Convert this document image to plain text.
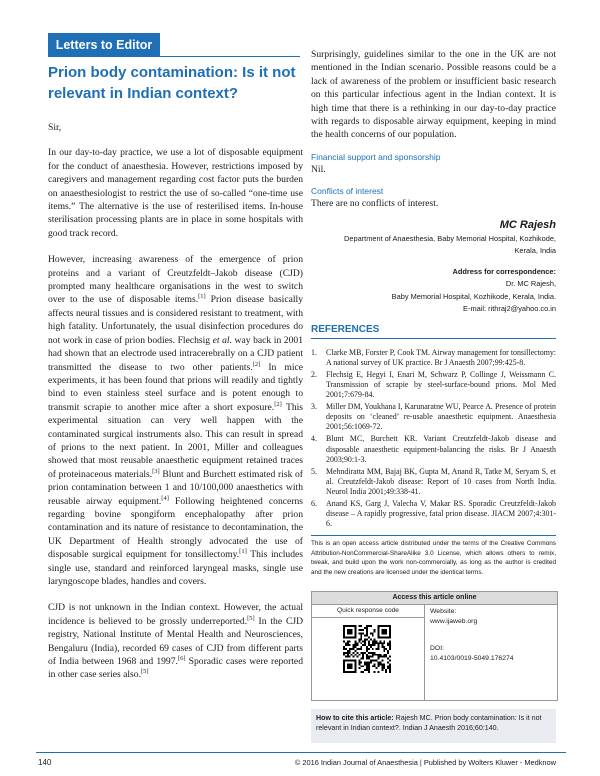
Letters to Editor
Prion body contamination: Is it not relevant in Indian context?

Sir,

In our day-to-day practice, we use a lot of disposable equipment for the conduct of anaesthesia. However, restrictions imposed by caregivers and management regarding cost factor puts the burden on anaesthesiologist to restrict the use of so-called “one-time use items.” The alternative is the use of resterilised items. In-house sterilisation processing plants are in place in some hospitals with good track record.

However, increasing awareness of the emergence of prion proteins and a variant of Creutzfeldt–Jakob disease (CJD) prompted many healthcare organisations in the west to switch over to the use of disposable items.[1] Prion disease basically affects neural tissues and is considered resistant to treatment, with high fatality. Unfortunately, the usual disinfection procedures do not work in case of prion bodies. Flechsig et al. way back in 2001 had shown that an electrode used intracerebrally on a CJD patient transmitted the disease to two other patients.[2] In mice experiments, it has been found that prions will readily and tightly bind to even stainless steel surface and is potent enough to transmit scrapie to another mice after a short exposure.[2] This experimental situation can very well happen with the contaminated surgical instruments also. This can result in spread of prions to the next patient. In 2001, Miller and colleagues showed that most reusable anaesthetic equipment retained traces of proteinaceous materials.[3] Blunt and Burchett estimated risk of prion contamination between 1 and 10/100,000 anaesthetics with reusable airway equipment.[4] Following heightened concerns regarding bovine spongiform encephalopathy after prion contamination and its nature of resistance to decontamination, the UK Department of Health strongly advocated the use of disposable surgical equipment for tonsillectomy.[1] This includes single use, standard and reinforced laryngeal masks, single use laryngoscope blades, handles and covers.

CJD is not unknown in the Indian context. However, the actual incidence is believed to be grossly underreported.[5] In the CJD registry, National Institute of Mental Health and Neurosciences, Bengaluru (India), recorded 69 cases of CJD from different parts of India between 1968 and 1997.[6] Sporadic cases were reported in other case series also.[5]

Surprisingly, guidelines similar to the one in the UK are not mentioned in the Indian scenario. Possible reasons could be a lack of awareness of the problem or insufficient basic research on this particular infectious agent in the Indian context. It is high time that there is a rethinking in our day-to-day practice with regards to disposable airway equipment, keeping in mind the health concerns of our population.

Financial support and sponsorship
Nil.
Conflicts of interest
There are no conflicts of interest.
MC Rajesh
Department of Anaesthesia, Baby Memorial Hospital, Kozhikode,
Kerala, India
Address for correspondence:
Dr. MC Rajesh,
Baby Memorial Hospital, Kozhikode, Kerala, India.
E-mail: rithraj2@yahoo.co.in
REFERENCES
1.	Clarke MB, Forster P, Cook TM. Airway management for tonsillectomy: A national survey of UK practice. Br J Anaesth 2007;99:425-8.
2.	Flechsig E, Hegyi I, Enari M, Schwarz P, Collinge J, Weissmann C. Transmission of scrapie by steel-surface-bound prions. Mol Med 2001;7:679-84.
3.	Miller DM, Youkhana I, Karunaratne WU, Pearce A. Presence of protein deposits on ‘cleaned’ re-usable anaesthetic equipment. Anaesthesia 2001;56:1069-72.
4.	Blunt MC, Burchett KR. Variant Creutzfeldt-Jakob disease and disposable anaesthetic equipment-balancing the risks. Br J Anaesth 2003;90:1-3.
5.	Mehndiratta MM, Bajaj BK, Gupta M, Anand R, Tatke M, Seryam S, et al. Creutzfeldt-Jakob disease: Report of 10 cases from North India. Neurol India 2001;49:338-41.
6.	Anand KS, Garg J, Valecha V, Makar RS. Sporadic Creutzfeldt-Jakob disease – A rapidly progressive, fatal prion disease. JIACM 2007;4:301-6.
This is an open access article distributed under the terms of the Creative Commons Attribution-NonCommercial-ShareAlike 3.0 License, which allows others to remix, tweak, and build upon the work non-commercially, as long as the author is credited and the new creations are licensed under the identical terms.
Access this article online
Quick response code	Website:
www.ijaweb.org
DOI:
10.4103/0019-5049.176274
How to cite this article: Rajesh MC. Prion body contamination: Is it not relevant in Indian context?. Indian J Anaesth 2016;60:140.
140	© 2016 Indian Journal of Anaesthesia | Published by Wolters Kluwer - Medknow
